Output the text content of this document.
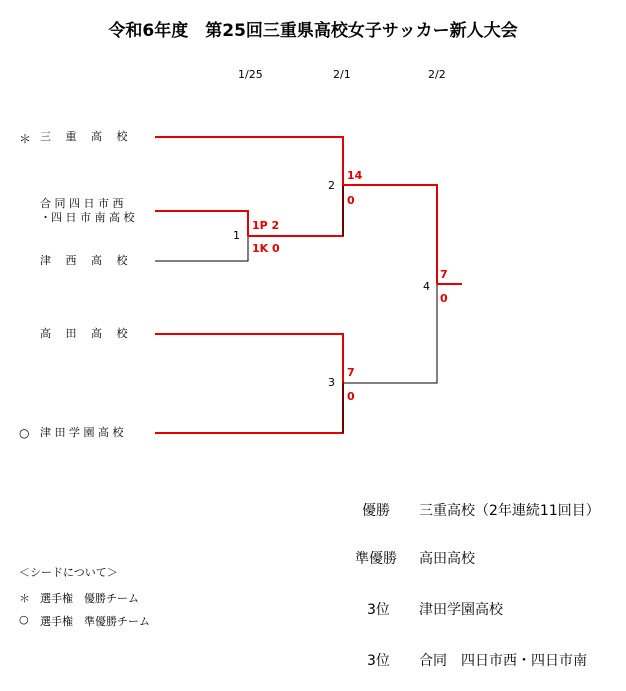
令和6年度　第25回三重県高校女子サッカー新人大会
1/25	2/1	2/2
＊ 三　 重 　高 　校
合 同 四 日 市 西
・四 日 市 南 高 校
津　 西 　高 　校
高　 田 　高 　校
○ 津 田 学 園 高 校
1
2
3
4
1P 2
1K 0
14
0
7
0
7
0
優勝 三重高校（2年連続11回目）
準優勝 高田高校
3位 津田学園高校
3位 合同　四日市西・四日市南
＜シードについて＞
＊ 選手権　優勝チーム
○ 選手権　準優勝チーム
